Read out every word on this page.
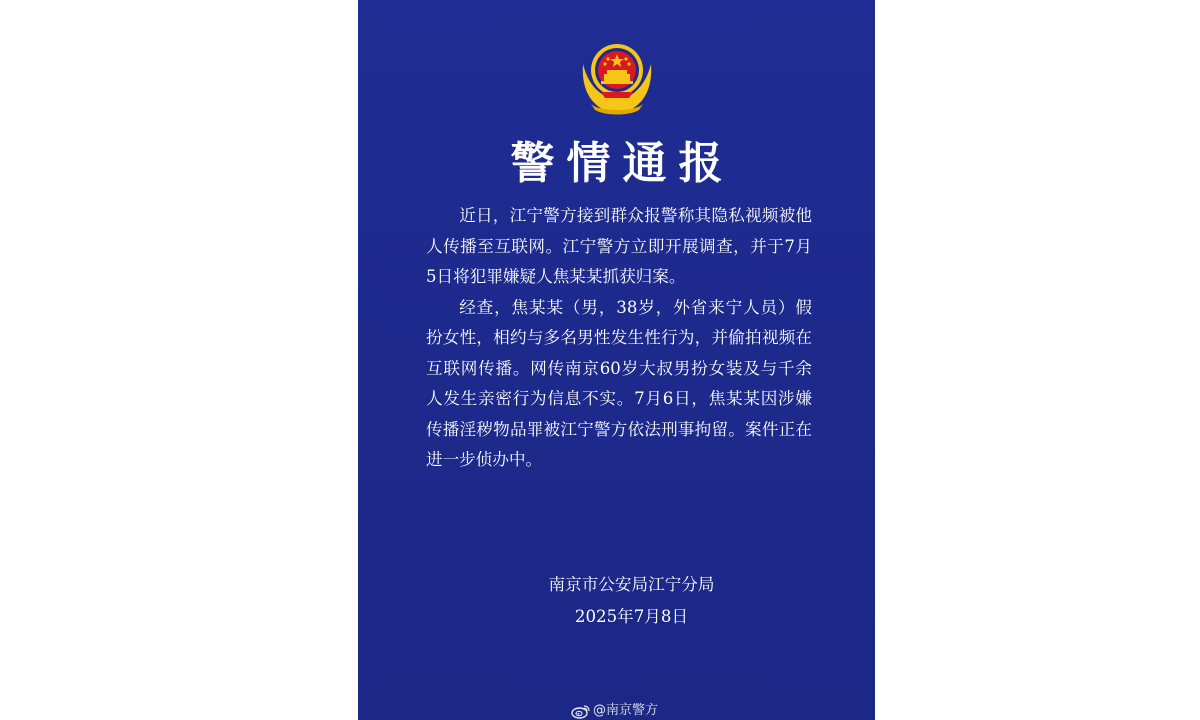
警情通报

近日，江宁警方接到群众报警称其隐私视频被他人传播至互联网。江宁警方立即开展调查，并于7月5日将犯罪嫌疑人焦某某抓获归案。

经查，焦某某（男，38岁，外省来宁人员）假扮女性，相约与多名男性发生性行为，并偷拍视频在互联网传播。网传南京60岁大叔男扮女装及与千余人发生亲密行为信息不实。7月6日，焦某某因涉嫌传播淫秽物品罪被江宁警方依法刑事拘留。案件正在进一步侦办中。

南京市公安局江宁分局
2025年7月8日
@南京警方
